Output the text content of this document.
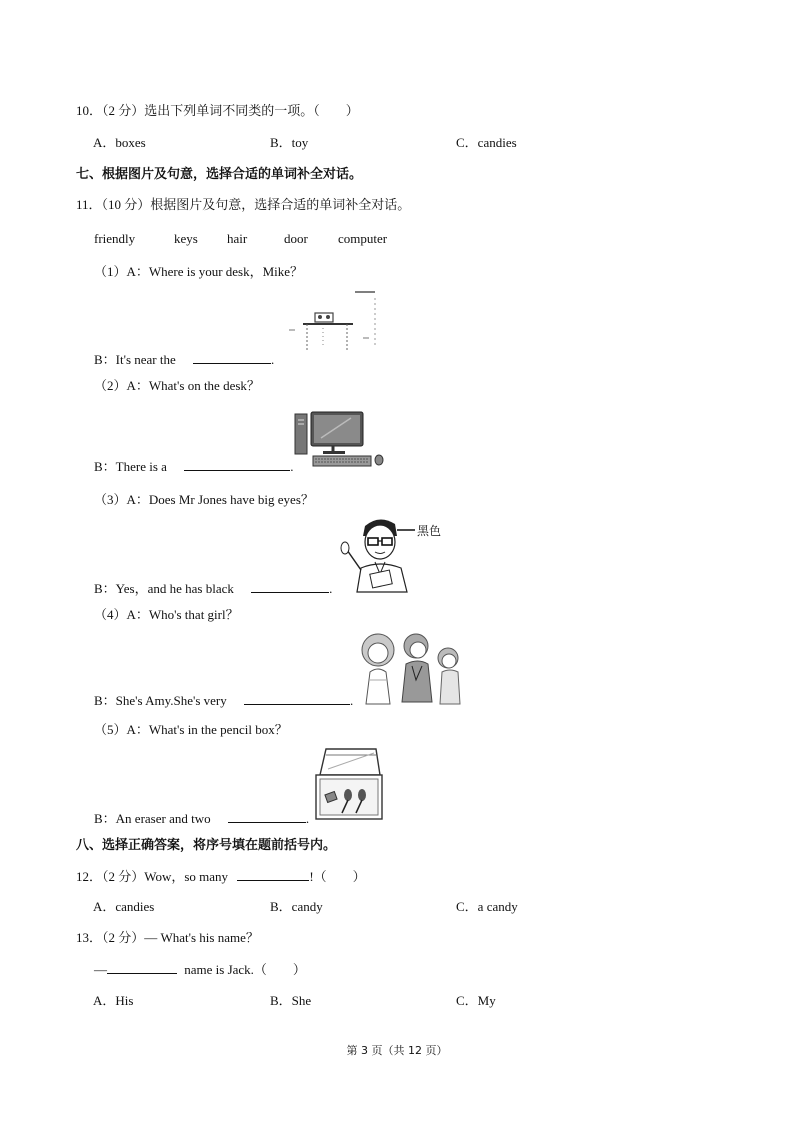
10．（2 分）选出下列单词不同类的一项。（　　）
A．boxes	B．toy	C．candies
七、根据图片及句意，选择合适的单词补全对话。
11．（10 分）根据图片及句意，选择合适的单词补全对话。
friendly	keys hair	door computer
（1）A：Where is your desk，Mike？
B：It's near the	.
（2）A：What's on the desk？
B：There is a	.
（3）A：Does Mr Jones have big eyes？
黑色
B：Yes，and he has black	.
（4）A：Who's that girl？
B：She's Amy.She's very	.
（5）A：What's in the pencil box？
B：An eraser and two	.
八、选择正确答案，将序号填在题前括号内。
12．（2 分）Wow，so many	!（　　）
A．candies	B．candy	C．a candy
13．（2 分）— What's his name？
—	name is Jack.（　　）
A．His	B．She	C．My
第 3 页（共 12 页）
